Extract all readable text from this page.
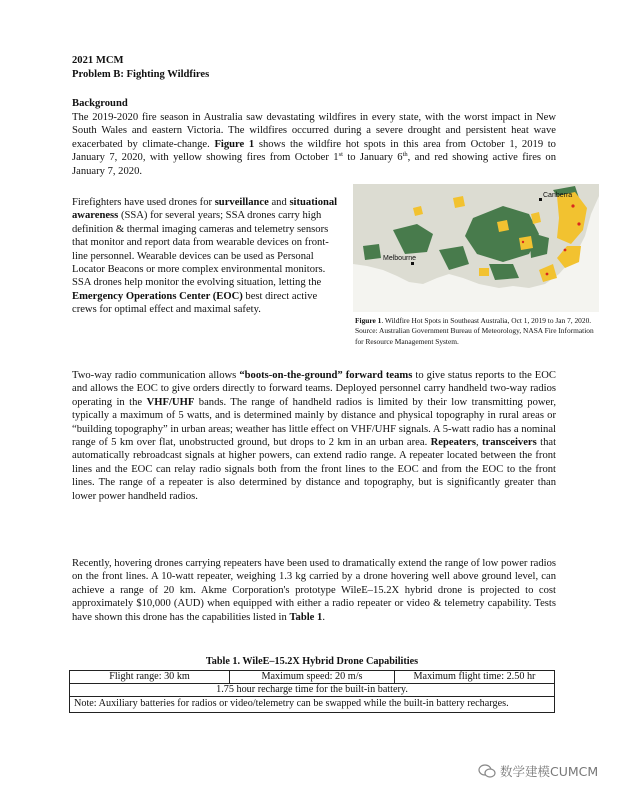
2021 MCM
Problem B: Fighting Wildfires
Background

The 2019-2020 fire season in Australia saw devastating wildfires in every state, with the worst impact in New South Wales and eastern Victoria. The wildfires occurred during a severe drought and persistent heat wave exacerbated by climate-change. Figure 1 shows the wildfire hot spots in this area from October 1, 2019 to January 7, 2020, with yellow showing fires from October 1st to January 6th, and red showing active fires on January 7, 2020.

Firefighters have used drones for surveillance and situational awareness (SSA) for several years; SSA drones carry high definition & thermal imaging cameras and telemetry sensors that monitor and report data from wearable devices on front-line personnel. Wearable devices can be used as Personal Locator Beacons or more complex environmental monitors. SSA drones help monitor the evolving situation, letting the Emergency Operations Center (EOC) best direct active crews for optimal effect and maximal safety.

Canberra
Melbourne

Figure 1. Wildfire Hot Spots in Southeast Australia, Oct 1, 2019 to Jan 7, 2020. Source: Australian Government Bureau of Meteorology, NASA Fire Information for Resource Management System.

Two-way radio communication allows “boots-on-the-ground” forward teams to give status reports to the EOC and allows the EOC to give orders directly to forward teams. Deployed personnel carry handheld two-way radios operating in the VHF/UHF bands. The range of handheld radios is limited by their low transmitting power, typically a maximum of 5 watts, and is determined mainly by distance and physical topography in rural areas or “building topography” in urban areas; weather has little effect on VHF/UHF signals. A 5-watt radio has a nominal range of 5 km over flat, unobstructed ground, but drops to 2 km in an urban area. Repeaters, transceivers that automatically rebroadcast signals at higher powers, can extend radio range. A repeater located between the front lines and the EOC can relay radio signals both from the front lines to the EOC and from the EOC to the front lines. The range of a repeater is also determined by distance and topography, but is significantly greater than lower power handheld radios.

Recently, hovering drones carrying repeaters have been used to dramatically extend the range of low power radios on the front lines. A 10-watt repeater, weighing 1.3 kg carried by a drone hovering well above ground level, can achieve a range of 20 km. Akme Corporation's prototype WileE–15.2X hybrid drone is projected to cost approximately $10,000 (AUD) when equipped with either a radio repeater or video & telemetry capability. Tests have shown this drone has the capabilities listed in Table 1.

Table 1. WileE–15.2X Hybrid Drone Capabilities
Flight range: 30 km	Maximum speed: 20 m/s	Maximum flight time: 2.50 hr
1.75 hour recharge time for the built-in battery.
Note: Auxiliary batteries for radios or video/telemetry can be swapped while the built-in battery recharges.
数学建模CUMCM
